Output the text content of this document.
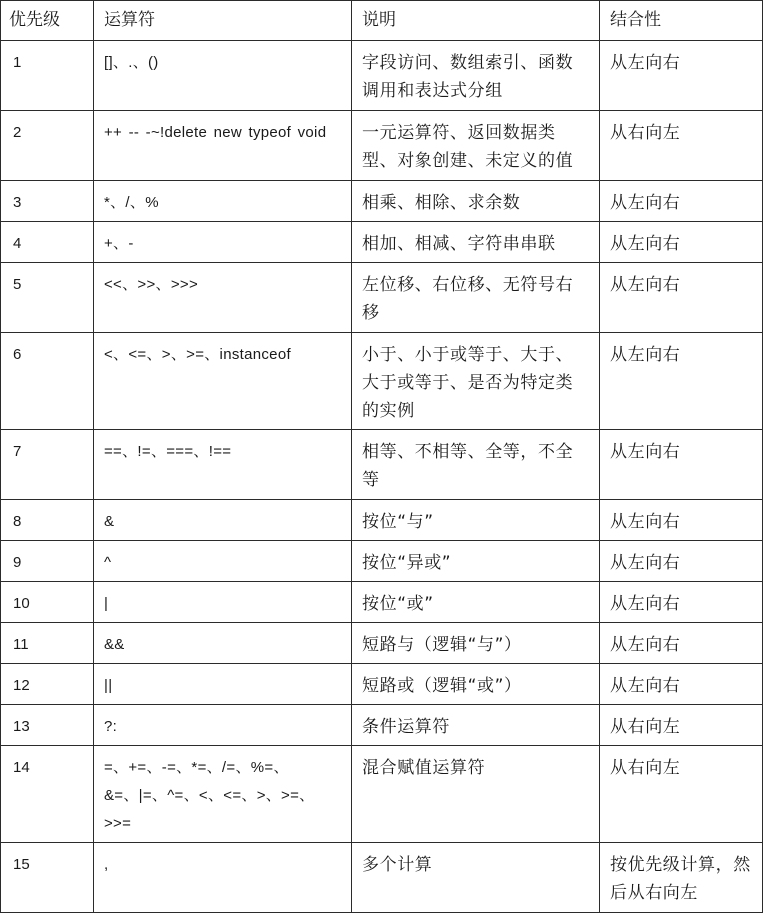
优先级	运算符	说明	结合性
1	[]、.、()	字段访问、数组索引、函数调用和表达式分组	从左向右
2	++ -- -~!delete new typeof void	一元运算符、返回数据类型、对象创建、未定义的值	从右向左
3	*、/、%	相乘、相除、求余数	从左向右
4	+、-	相加、相减、字符串串联	从左向右
5	<<、>>、>>>	左位移、右位移、无符号右移	从左向右
6	<、<=、>、>=、instanceof	小于、小于或等于、大于、大于或等于、是否为特定类的实例	从左向右
7	==、!=、===、!==	相等、不相等、全等，不全等	从左向右
8	&	按位“与”	从左向右
9	^	按位“异或”	从左向右
10	|	按位“或”	从左向右
11	&&	短路与（逻辑“与”）	从左向右
12	||	短路或（逻辑“或”）	从左向右
13	?:	条件运算符	从右向左
14	=、+=、-=、*=、/=、%=、&=、|=、^=、<、<=、>、>=、>>=	混合赋值运算符	从右向左
15	,	多个计算	按优先级计算，然后从右向左
